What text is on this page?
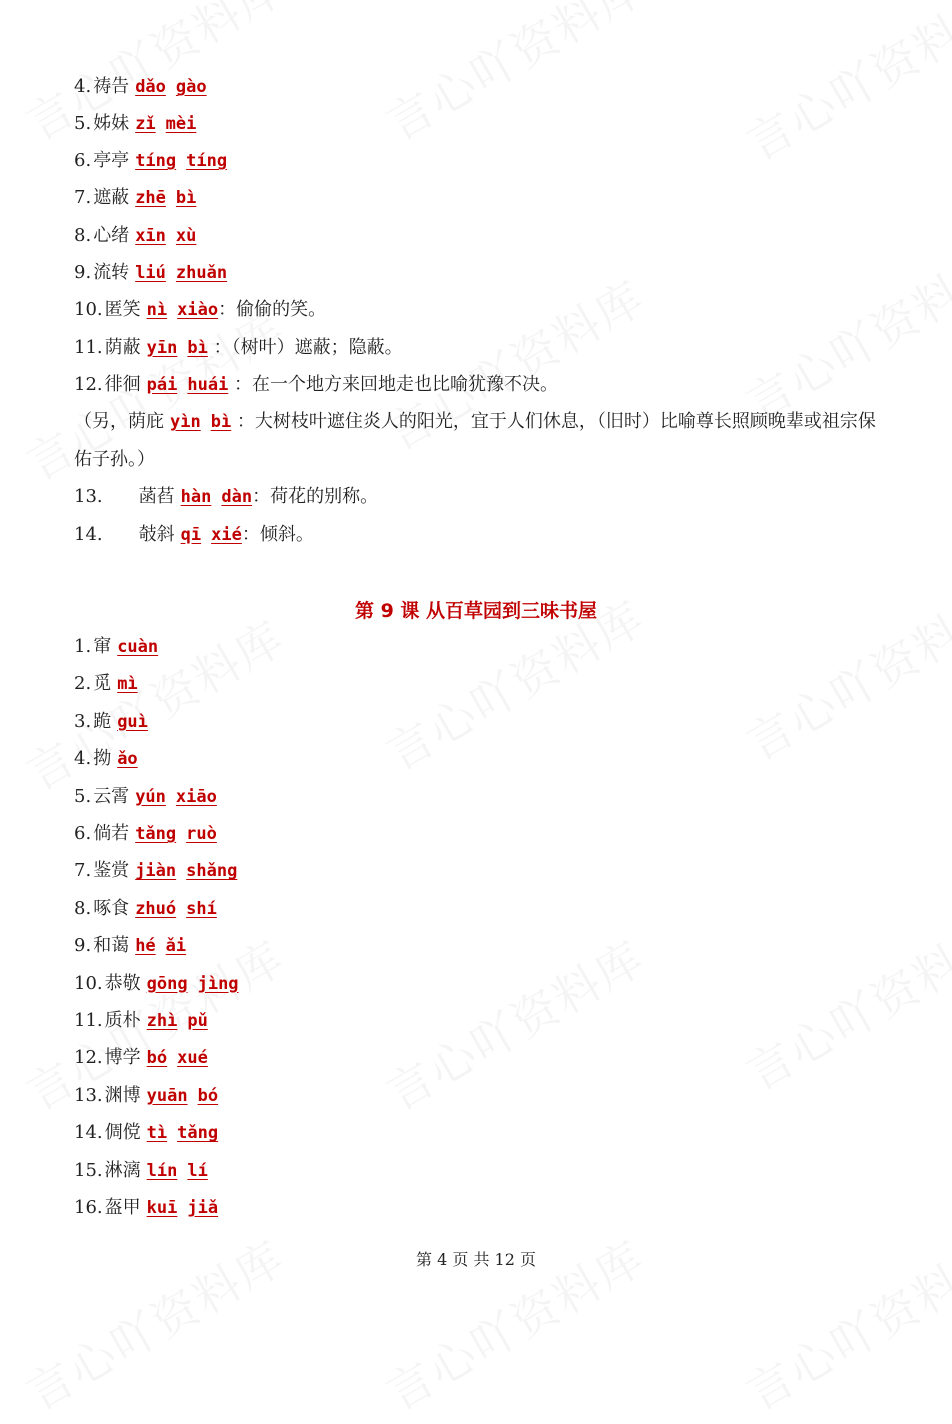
第 9 课 从百草园到三味书屋
第 4 页 共 12 页
4. 祷告 dǎo gào
5. 姊妹 zǐ mèi
6. 亭亭 tíng tíng
7. 遮蔽 zhē bì
8. 心绪 xīn xù
9. 流转 liú zhuǎn
10. 匿笑 nì xiào：偷偷的笑。
11. 荫蔽 yīn bì ：（树叶）遮蔽；隐蔽。
12. 徘徊 pái huái ：在一个地方来回地走也比喻犹豫不决。
（另，荫庇 yìn bì ：大树枝叶遮住炎人的阳光，宜于人们休息，（旧时）比喻尊长照顾晚辈或祖宗保佑子孙。）
13. 菡萏 hàn dàn：荷花的别称。
14. 攲斜 qī xié：倾斜。
1. 窜 cuàn
2. 觅 mì
3. 跪 guì
4. 拗 ǎo
5. 云霄 yún xiāo
6. 倘若 tǎng ruò
7. 鉴赏 jiàn shǎng
8. 啄食 zhuó shí
9. 和蔼 hé ǎi
10. 恭敬 gōng jìng
11. 质朴 zhì pǔ
12. 博学 bó xué
13. 渊博 yuān bó
14. 倜傥 tì tǎng
15. 淋漓 lín lí
16. 盔甲 kuī jiǎ
